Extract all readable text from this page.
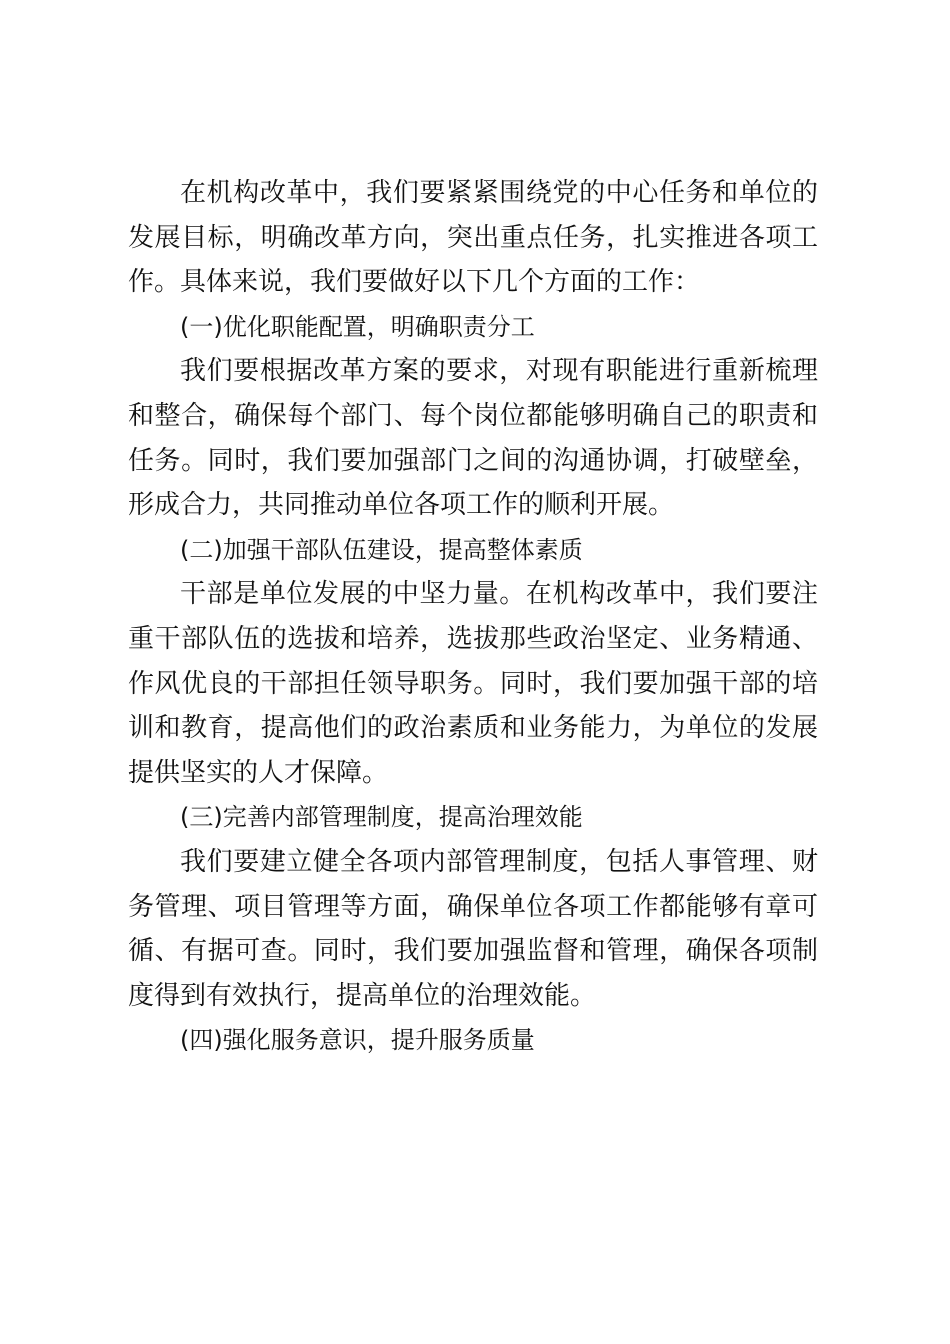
在机构改革中，我们要紧紧围绕党的中心任务和单位的发展目标，明确改革方向，突出重点任务，扎实推进各项工作。具体来说，我们要做好以下几个方面的工作：

(一)优化职能配置，明确职责分工

我们要根据改革方案的要求，对现有职能进行重新梳理和整合，确保每个部门、每个岗位都能够明确自己的职责和任务。同时，我们要加强部门之间的沟通协调，打破壁垒，形成合力，共同推动单位各项工作的顺利开展。

(二)加强干部队伍建设，提高整体素质

干部是单位发展的中坚力量。在机构改革中，我们要注重干部队伍的选拔和培养，选拔那些政治坚定、业务精通、作风优良的干部担任领导职务。同时，我们要加强干部的培训和教育，提高他们的政治素质和业务能力，为单位的发展提供坚实的人才保障。

(三)完善内部管理制度，提高治理效能

我们要建立健全各项内部管理制度，包括人事管理、财务管理、项目管理等方面，确保单位各项工作都能够有章可循、有据可查。同时，我们要加强监督和管理，确保各项制度得到有效执行，提高单位的治理效能。

(四)强化服务意识，提升服务质量
